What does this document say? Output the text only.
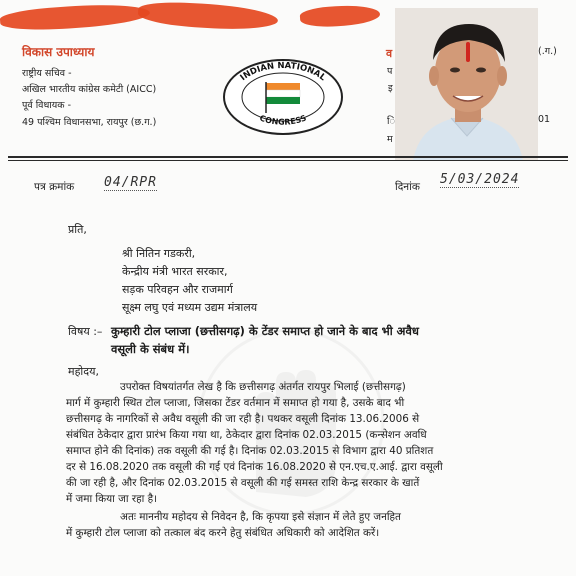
विकास उपाध्याय
राष्ट्रीय सचिव -
अखिल भारतीय कांग्रेस कमेटी (AICC)
पूर्व विधायक -
49 पश्चिम विधानसभा, रायपुर (छ.ग.)
INDIAN NATIONAL
CONGRESS
व	(.ग.)
प
इ
ि	01
म
पत्र क्रमांक 04/RPR	दिनांक 5/03/2024
प्रति,
श्री नितिन गडकरी,
केन्द्रीय मंत्री भारत सरकार,
सड़क परिवहन और राजमार्ग
सूक्ष्म लघु एवं मध्यम उद्यम मंत्रालय
विषय :– कुम्हारी टोल प्लाजा (छत्तीसगढ़) के टेंडर समाप्त हो जाने के बाद भी अवैध
वसूली के संबंध में।
महोदय,
उपरोक्त विषयांतर्गत लेख है कि छत्तीसगढ़ अंतर्गत रायपुर भिलाई (छत्तीसगढ़)
मार्ग में कुम्हारी स्थित टोल प्लाजा, जिसका टेंडर वर्तमान में समाप्त हो गया है, उसके बाद भी
छत्तीसगढ़ के नागरिकों से अवैध वसूली की जा रही है। पथकर वसूली दिनांक 13.06.2006 से
संबंधित ठेकेदार द्वारा प्रारंभ किया गया था, ठेकेदार द्वारा दिनांक 02.03.2015 (कन्सेशन अवधि
समाप्त होने की दिनांक) तक वसूली की गई है। दिनांक 02.03.2015 से विभाग द्वारा 40 प्रतिशत
दर से 16.08.2020 तक वसूली की गई एवं दिनांक 16.08.2020 से एन.एच.ए.आई. द्वारा वसूली
की जा रही है, और दिनांक 02.03.2015 से वसूली की गई समस्त राशि केन्द्र सरकार के खातें
में जमा किया जा रहा है।
अतः माननीय महोदय से निवेदन है, कि कृपया इसे संज्ञान में लेते हुए जनहित
में कुम्हारी टोल प्लाजा को तत्काल बंद करने हेतु संबंधित अधिकारी को आदेशित करें।
